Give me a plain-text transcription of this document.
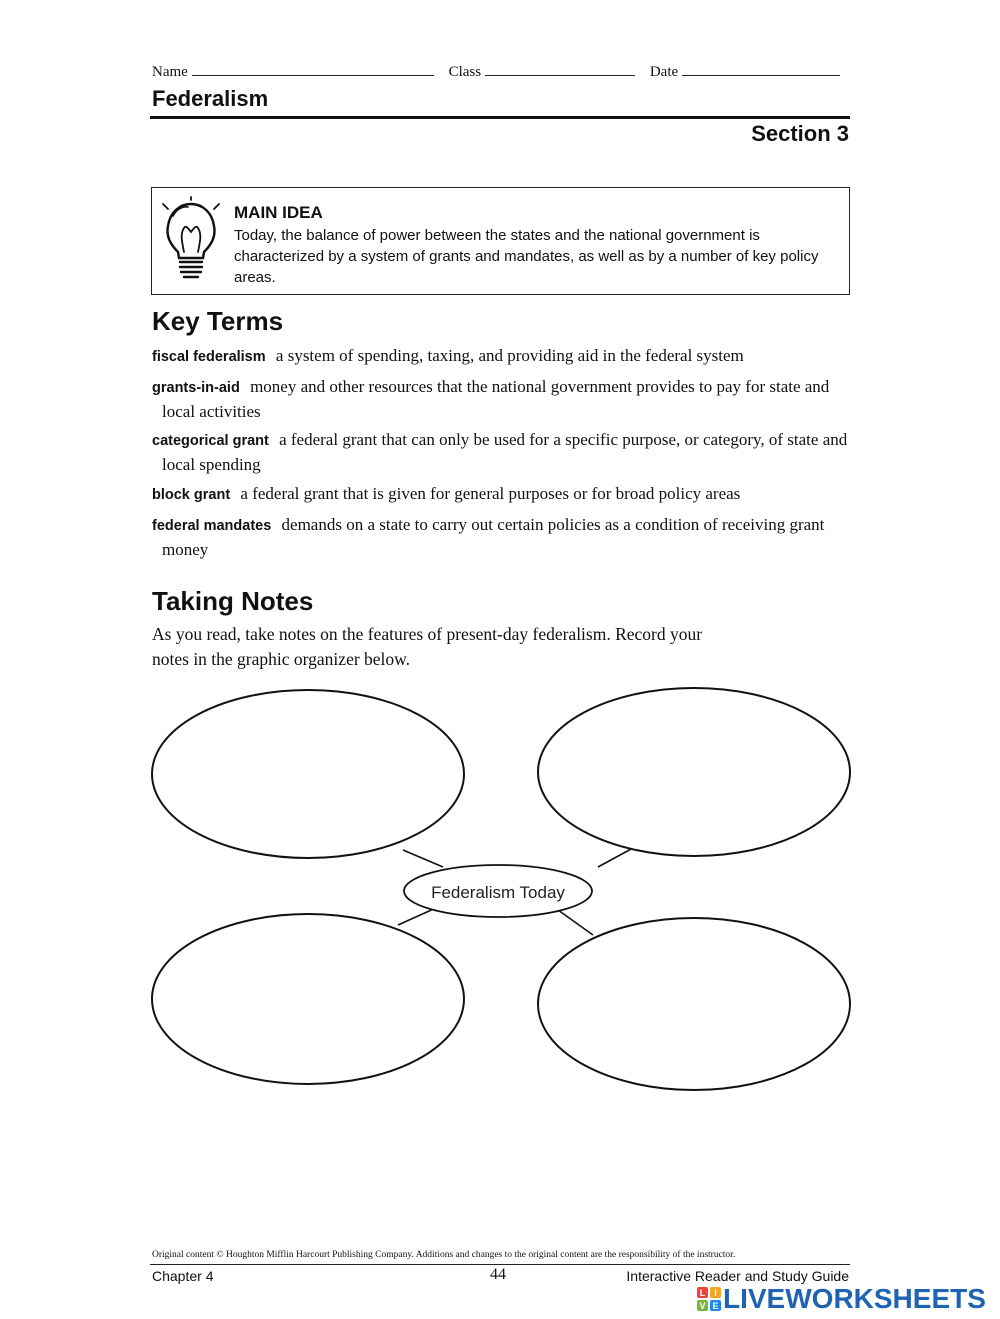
Name	Class	Date
Federalism
Section 3
MAIN IDEA
Today, the balance of power between the states and the national government is characterized by a system of grants and mandates, as well as by a number of key policy areas.
Key Terms
fiscal federalism a system of spending, taxing, and providing aid in the federal system
grants-in-aid money and other resources that the national government provides to pay for state and local activities
categorical grant a federal grant that can only be used for a specific purpose, or category, of state and local spending
block grant a federal grant that is given for general purposes or for broad policy areas
federal mandates demands on a state to carry out certain policies as a condition of receiving grant money
Taking Notes
As you read, take notes on the features of present-day federalism. Record your notes in the graphic organizer below.
Federalism Today
Original content © Houghton Mifflin Harcourt Publishing Company. Additions and changes to the original content are the responsibility of the instructor.
Chapter 4	44	Interactive Reader and Study Guide
L I
V E LIVEWORKSHEETS
